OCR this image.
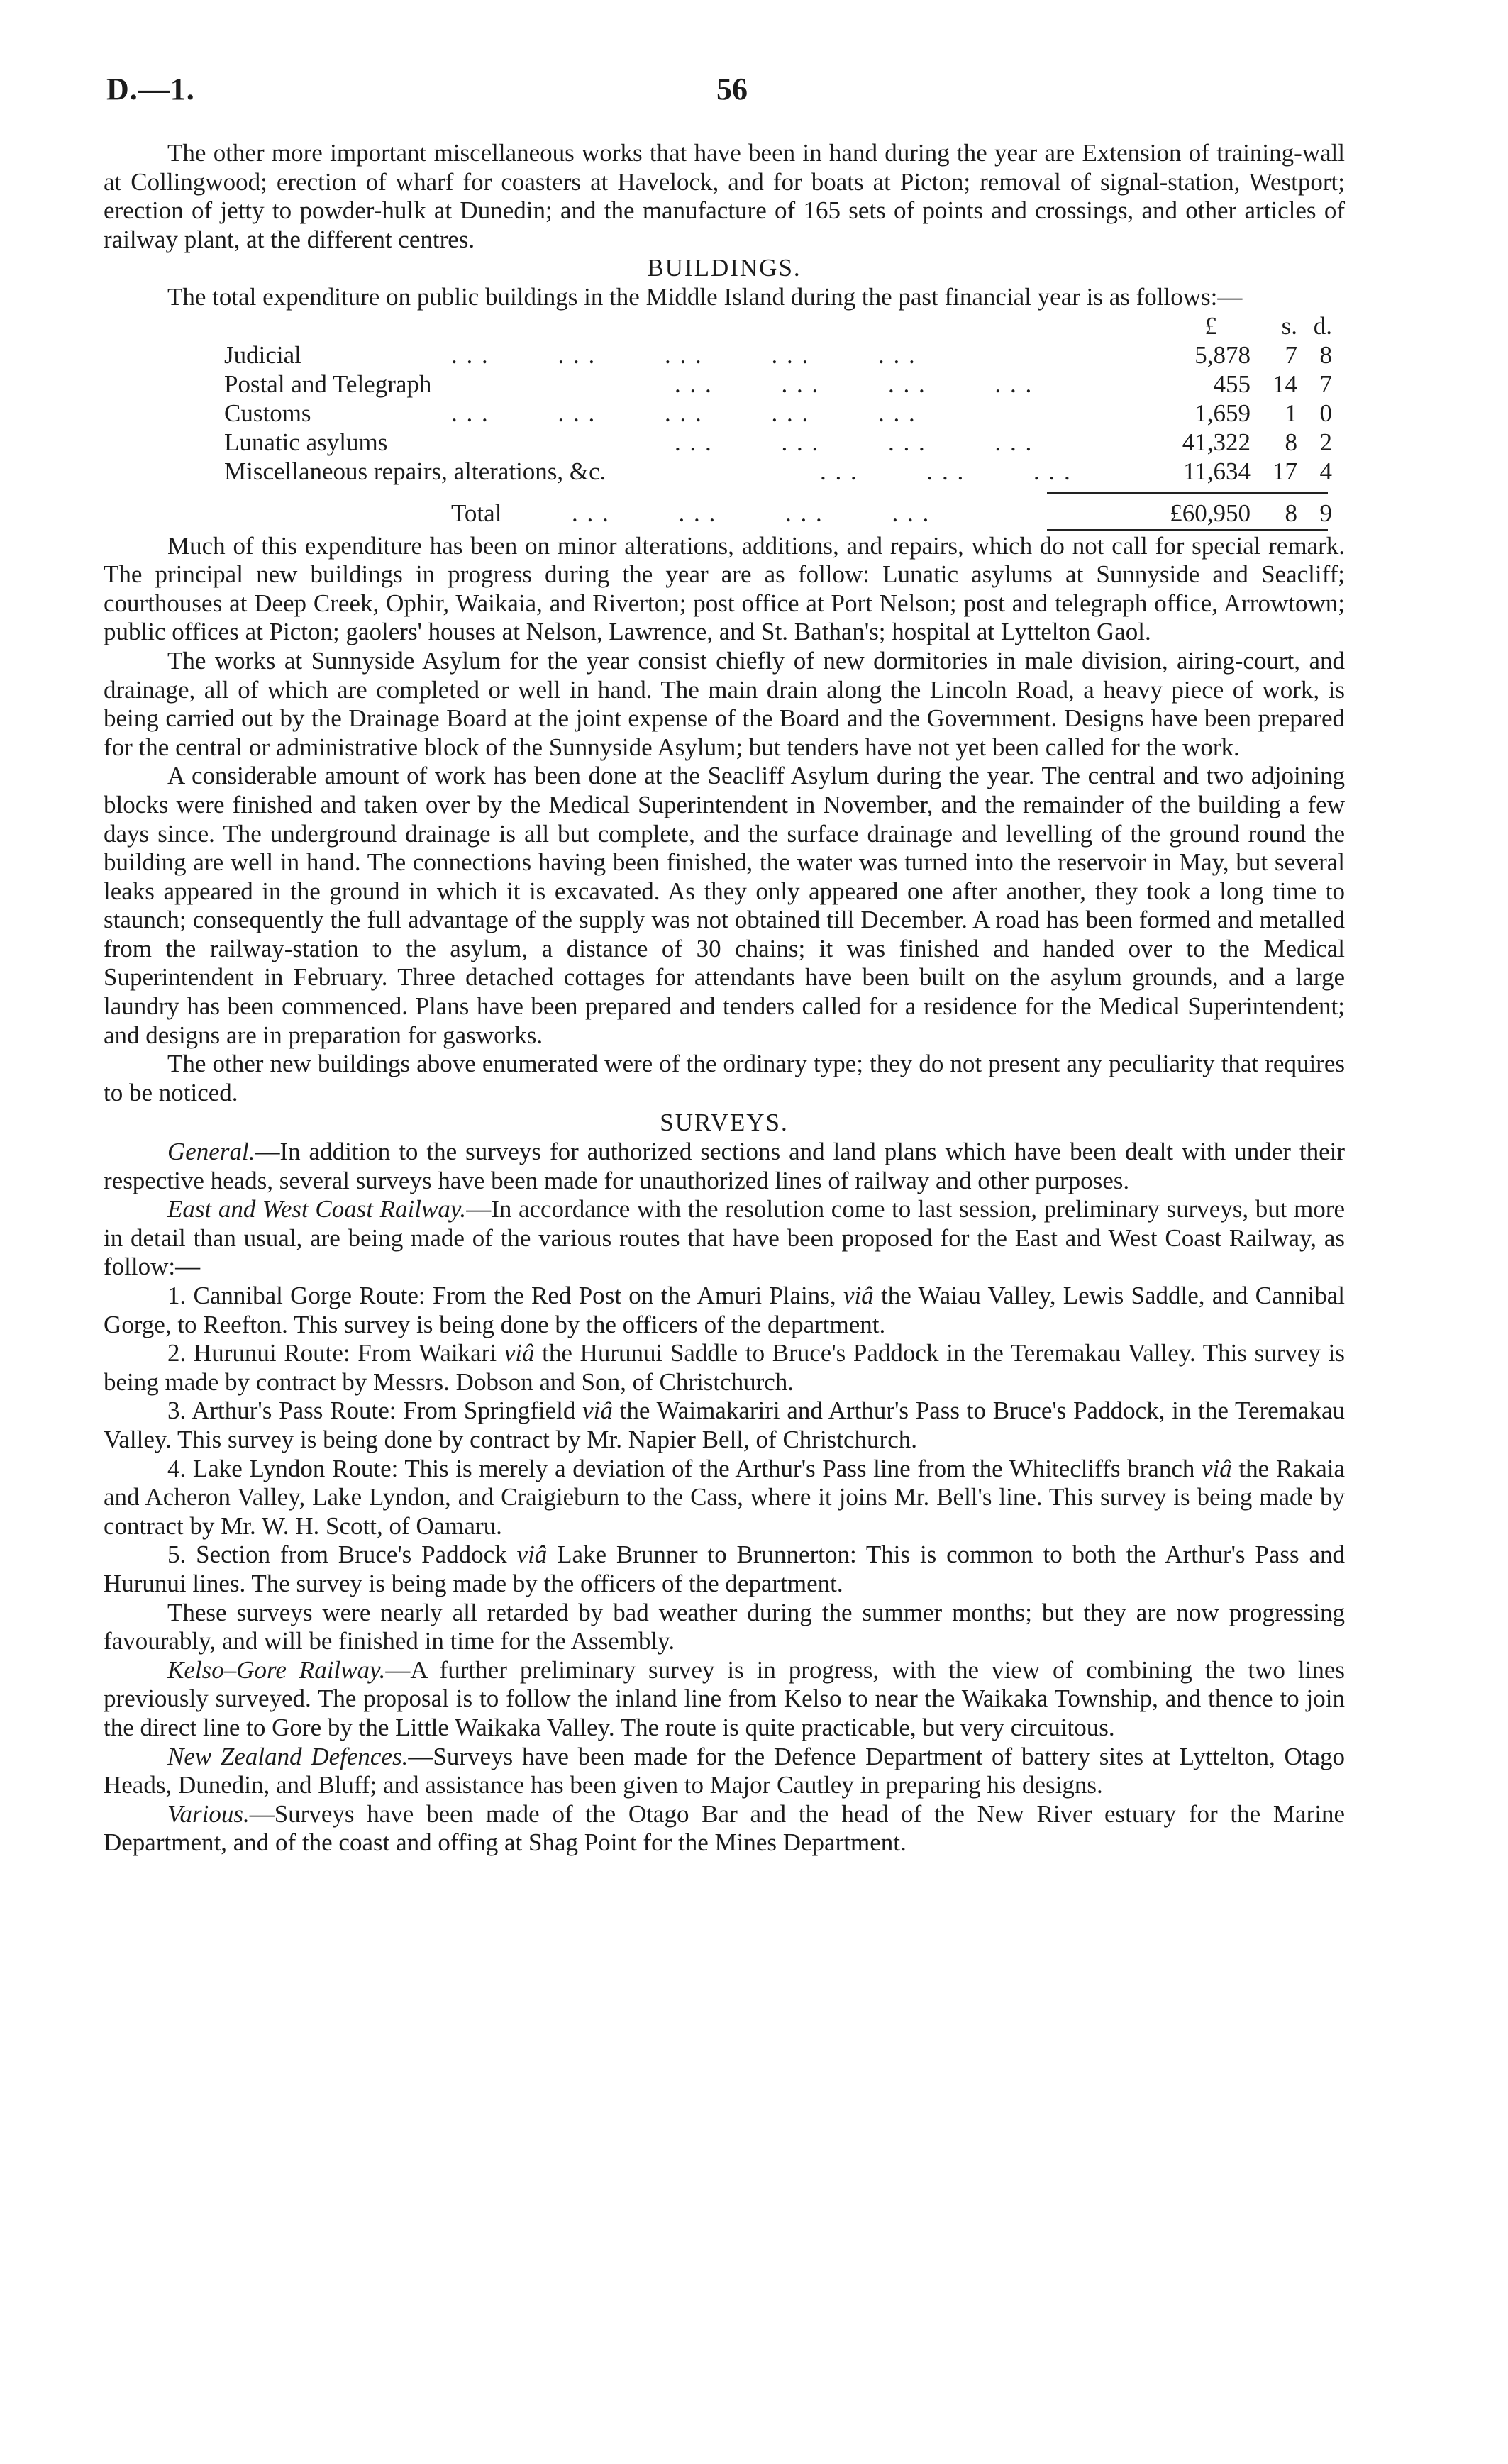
D.—1.	56

The other more important miscellaneous works that have been in hand during the year are Extension of training-wall at Collingwood; erection of wharf for coasters at Havelock, and for boats at Picton; removal of signal-station, Westport; erection of jetty to powder-hulk at Dunedin; and the manufacture of 165 sets of points and crossings, and other articles of railway plant, at the different centres.

BUILDINGS.

The total expenditure on public buildings in the Middle Island during the past financial year is as follows:—

£	s. d.
Judicial	. . .         . . .         . . .         . . .         . . .	5,878	7 8
Postal and Telegraph	. . .         . . .         . . .         . . .	455 14 7
Customs	. . .         . . .         . . .         . . .         . . .	1,659	1 0
Lunatic asylums	. . .         . . .         . . .         . . .	41,322	8 2
Miscellaneous repairs, alterations, &c.	. . .         . . .         . . .	11,634 17 4
Total	. . .         . . .         . . .         . . .	£60,950	8 9

Much of this expenditure has been on minor alterations, additions, and repairs, which do not call for special remark. The principal new buildings in progress during the year are as follow: Lunatic asylums at Sunnyside and Seacliff; courthouses at Deep Creek, Ophir, Waikaia, and Riverton; post office at Port Nelson; post and telegraph office, Arrowtown; public offices at Picton; gaolers' houses at Nelson, Lawrence, and St. Bathan's; hospital at Lyttelton Gaol.

The works at Sunnyside Asylum for the year consist chiefly of new dormitories in male division, airing-court, and drainage, all of which are completed or well in hand. The main drain along the Lincoln Road, a heavy piece of work, is being carried out by the Drainage Board at the joint expense of the Board and the Government. Designs have been prepared for the central or administrative block of the Sunnyside Asylum; but tenders have not yet been called for the work.

A considerable amount of work has been done at the Seacliff Asylum during the year. The central and two adjoining blocks were finished and taken over by the Medical Superintendent in November, and the remainder of the building a few days since. The underground drainage is all but complete, and the surface drainage and levelling of the ground round the building are well in hand. The connections having been finished, the water was turned into the reservoir in May, but several leaks appeared in the ground in which it is excavated. As they only appeared one after another, they took a long time to staunch; consequently the full advantage of the supply was not obtained till December. A road has been formed and metalled from the railway-station to the asylum, a distance of 30 chains; it was finished and handed over to the Medical Superintendent in February. Three detached cottages for attendants have been built on the asylum grounds, and a large laundry has been commenced. Plans have been prepared and tenders called for a residence for the Medical Superintendent; and designs are in preparation for gasworks.

The other new buildings above enumerated were of the ordinary type; they do not present any peculiarity that requires to be noticed.

SURVEYS.

General.—In addition to the surveys for authorized sections and land plans which have been dealt with under their respective heads, several surveys have been made for unauthorized lines of railway and other purposes.

East and West Coast Railway.—In accordance with the resolution come to last session, preliminary surveys, but more in detail than usual, are being made of the various routes that have been proposed for the East and West Coast Railway, as follow:—

1. Cannibal Gorge Route: From the Red Post on the Amuri Plains, viâ the Waiau Valley, Lewis Saddle, and Cannibal Gorge, to Reefton. This survey is being done by the officers of the department.

2. Hurunui Route: From Waikari viâ the Hurunui Saddle to Bruce's Paddock in the Teremakau Valley. This survey is being made by contract by Messrs. Dobson and Son, of Christchurch.

3. Arthur's Pass Route: From Springfield viâ the Waimakariri and Arthur's Pass to Bruce's Paddock, in the Teremakau Valley. This survey is being done by contract by Mr. Napier Bell, of Christchurch.

4. Lake Lyndon Route: This is merely a deviation of the Arthur's Pass line from the Whitecliffs branch viâ the Rakaia and Acheron Valley, Lake Lyndon, and Craigieburn to the Cass, where it joins Mr. Bell's line. This survey is being made by contract by Mr. W. H. Scott, of Oamaru.

5. Section from Bruce's Paddock viâ Lake Brunner to Brunnerton: This is common to both the Arthur's Pass and Hurunui lines. The survey is being made by the officers of the department.

These surveys were nearly all retarded by bad weather during the summer months; but they are now progressing favourably, and will be finished in time for the Assembly.

Kelso–Gore Railway.—A further preliminary survey is in progress, with the view of combining the two lines previously surveyed. The proposal is to follow the inland line from Kelso to near the Waikaka Township, and thence to join the direct line to Gore by the Little Waikaka Valley. The route is quite practicable, but very circuitous.

New Zealand Defences.—Surveys have been made for the Defence Department of battery sites at Lyttelton, Otago Heads, Dunedin, and Bluff; and assistance has been given to Major Cautley in preparing his designs.

Various.—Surveys have been made of the Otago Bar and the head of the New River estuary for the Marine Department, and of the coast and offing at Shag Point for the Mines Department.
